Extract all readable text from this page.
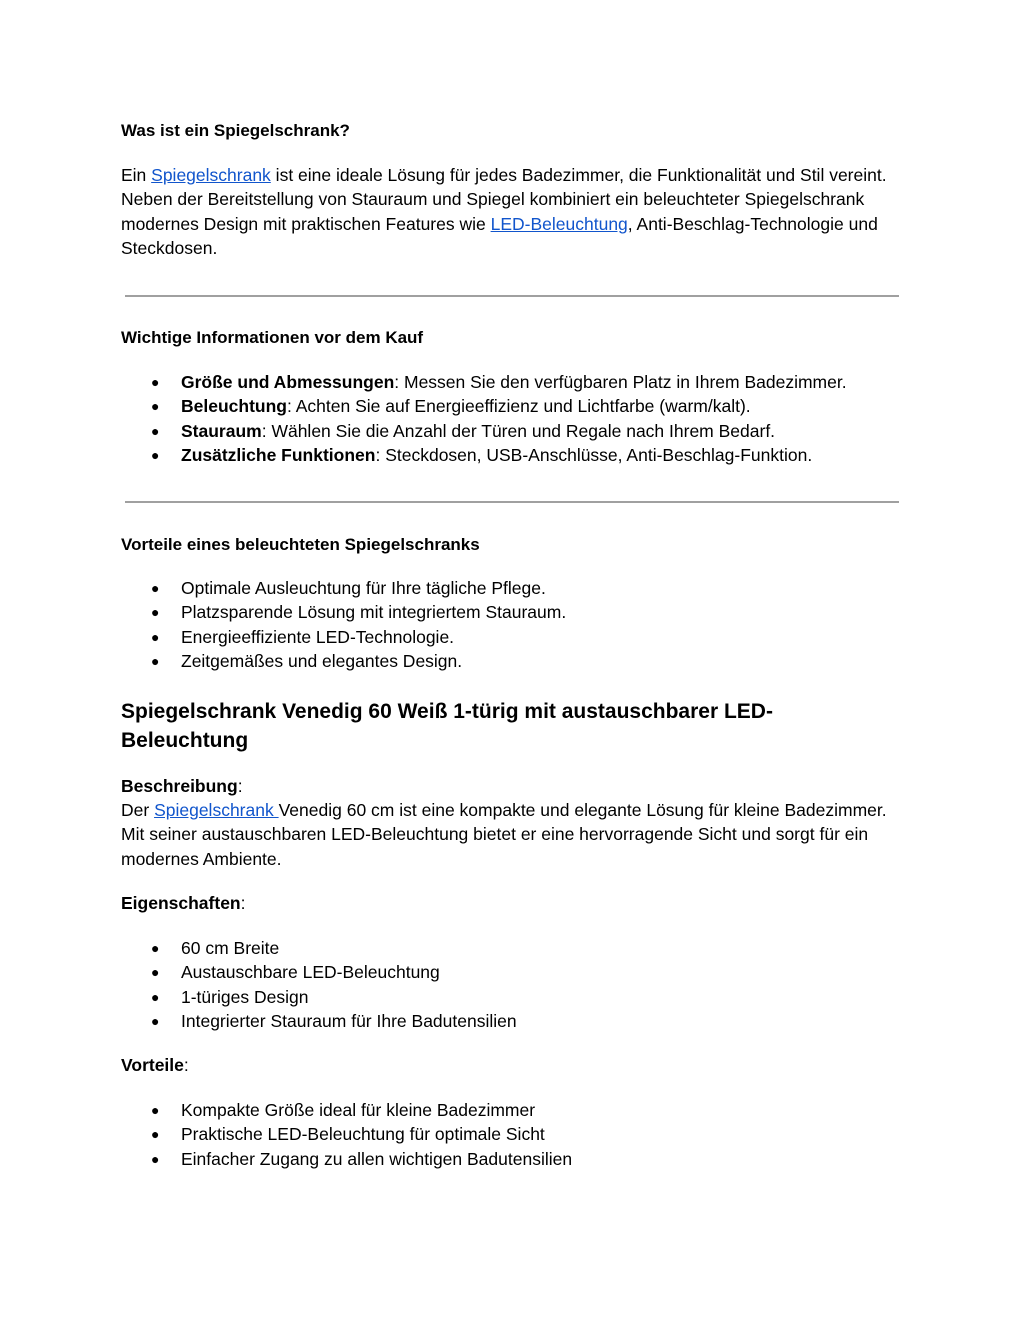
Was ist ein Spiegelschrank?

Ein Spiegelschrank ist eine ideale Lösung für jedes Badezimmer, die Funktionalität und Stil vereint. Neben der Bereitstellung von Stauraum und Spiegel kombiniert ein beleuchteter Spiegelschrank modernes Design mit praktischen Features wie LED-Beleuchtung, Anti-Beschlag-Technologie und Steckdosen.

Wichtige Informationen vor dem Kauf
● Größe und Abmessungen: Messen Sie den verfügbaren Platz in Ihrem Badezimmer.
● Beleuchtung: Achten Sie auf Energieeffizienz und Lichtfarbe (warm/kalt).
● Stauraum: Wählen Sie die Anzahl der Türen und Regale nach Ihrem Bedarf.
● Zusätzliche Funktionen: Steckdosen, USB-Anschlüsse, Anti-Beschlag-Funktion.
Vorteile eines beleuchteten Spiegelschranks
● Optimale Ausleuchtung für Ihre tägliche Pflege.
● Platzsparende Lösung mit integriertem Stauraum.
● Energieeffiziente LED-Technologie.
● Zeitgemäßes und elegantes Design.
Spiegelschrank Venedig 60 Weiß 1-türig mit austauschbarer LED-Beleuchtung
Beschreibung:

Der Spiegelschrank Venedig 60 cm ist eine kompakte und elegante Lösung für kleine Badezimmer. Mit seiner austauschbaren LED-Beleuchtung bietet er eine hervorragende Sicht und sorgt für ein modernes Ambiente.

Eigenschaften:
● 60 cm Breite
● Austauschbare LED-Beleuchtung
● 1-türiges Design
● Integrierter Stauraum für Ihre Badutensilien
Vorteile:
● Kompakte Größe ideal für kleine Badezimmer
● Praktische LED-Beleuchtung für optimale Sicht
● Einfacher Zugang zu allen wichtigen Badutensilien
